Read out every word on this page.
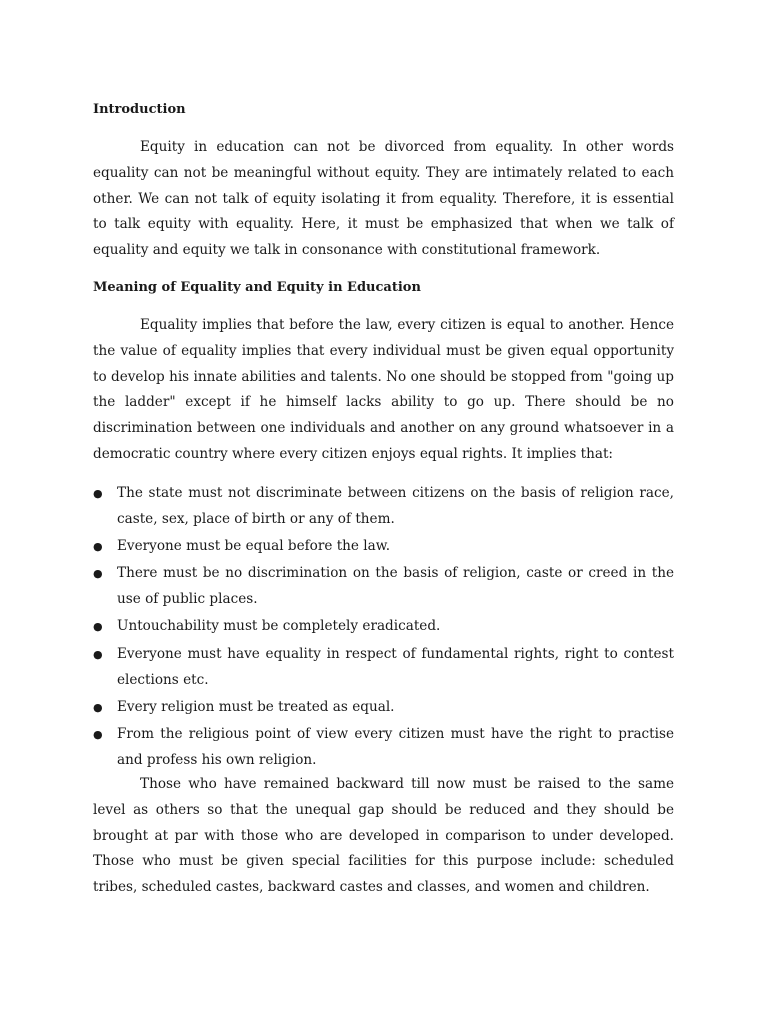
Introduction

Equity in education can not be divorced from equality. In other words equality can not be meaningful without equity. They are intimately related to each other. We can not talk of equity isolating it from equality. Therefore, it is essential to talk equity with equality. Here, it must be emphasized that when we talk of equality and equity we talk in consonance with constitutional framework.

Meaning of Equality and Equity in Education

Equality implies that before the law, every citizen is equal to another. Hence the value of equality implies that every individual must be given equal opportunity to develop his innate abilities and talents. No one should be stopped from "going up the ladder" except if he himself lacks ability to go up. There should be no discrimination between one individuals and another on any ground whatsoever in a democratic country where every citizen enjoys equal rights. It implies that:

● The state must not discriminate between citizens on the basis of religion race, caste, sex, place of birth or any of them.
● Everyone must be equal before the law.
● There must be no discrimination on the basis of religion, caste or creed in the use of public places.
● Untouchability must be completely eradicated.
● Everyone must have equality in respect of fundamental rights, right to contest elections etc.
● Every religion must be treated as equal.
● From the religious point of view every citizen must have the right to practise and profess his own religion.

Those who have remained backward till now must be raised to the same level as others so that the unequal gap should be reduced and they should be brought at par with those who are developed in comparison to under developed. Those who must be given special facilities for this purpose include: scheduled tribes, scheduled castes, backward castes and classes, and women and children.
